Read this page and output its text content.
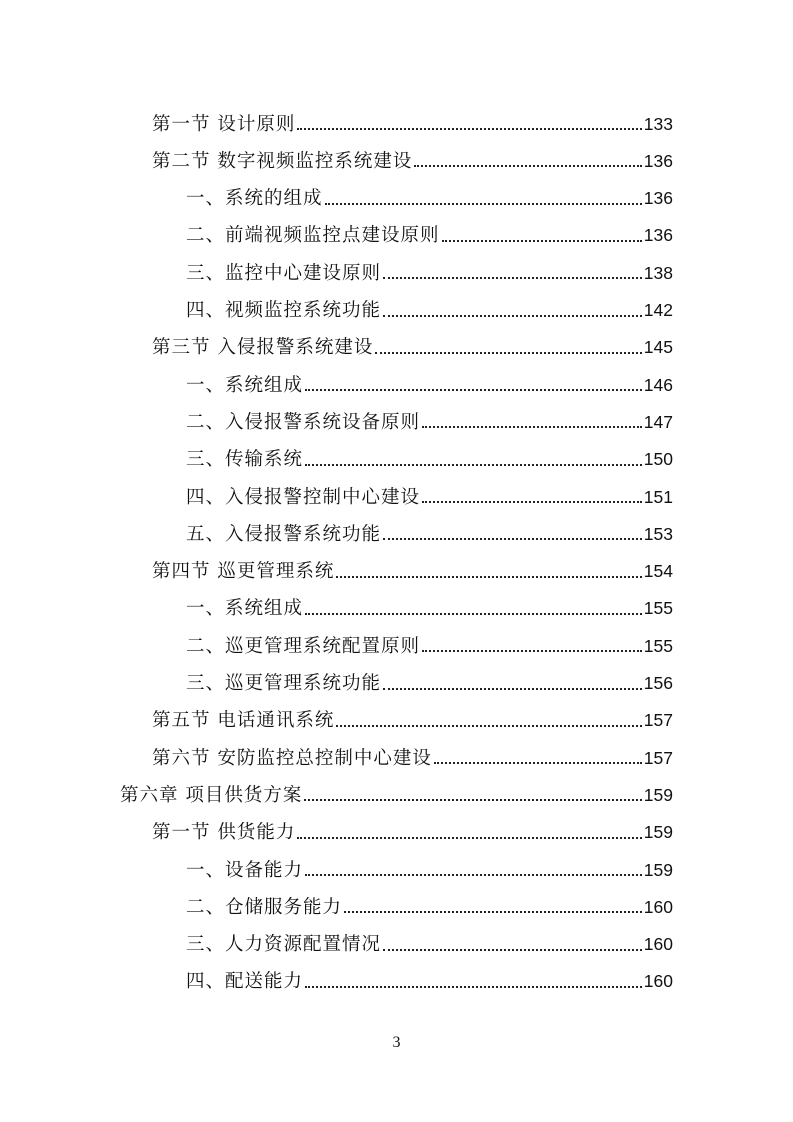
第一节 设计原则	133
第二节 数字视频监控系统建设	136
一、系统的组成	136
二、前端视频监控点建设原则	136
三、监控中心建设原则	138
四、视频监控系统功能	142
第三节 入侵报警系统建设	145
一、系统组成	146
二、入侵报警系统设备原则	147
三、传输系统	150
四、入侵报警控制中心建设	151
五、入侵报警系统功能	153
第四节 巡更管理系统	154
一、系统组成	155
二、巡更管理系统配置原则	155
三、巡更管理系统功能	156
第五节 电话通讯系统	157
第六节 安防监控总控制中心建设	157
第六章 项目供货方案	159
第一节 供货能力	159
一、设备能力	159
二、仓储服务能力	160
三、人力资源配置情况	160
四、配送能力	160
3
